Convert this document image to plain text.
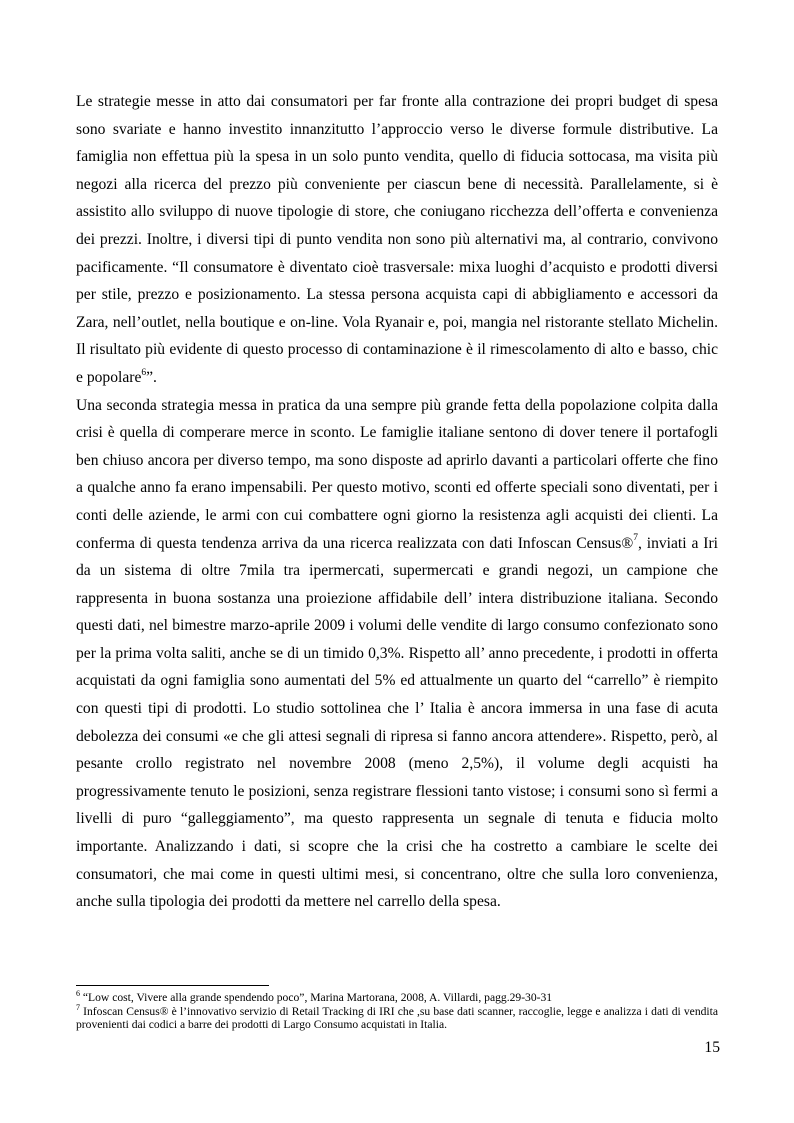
Le strategie messe in atto dai consumatori per far fronte alla contrazione dei propri budget di spesa sono svariate e hanno investito innanzitutto l’approccio verso le diverse formule distributive. La famiglia non effettua più la spesa in un solo punto vendita, quello di fiducia sottocasa, ma visita più negozi alla ricerca del prezzo più conveniente per ciascun bene di necessità. Parallelamente, si è assistito allo sviluppo di nuove tipologie di store, che coniugano ricchezza dell’offerta e convenienza dei prezzi. Inoltre, i diversi tipi di punto vendita non sono più alternativi ma, al contrario, convivono pacificamente. “Il consumatore è diventato cioè trasversale: mixa luoghi d’acquisto e prodotti diversi per stile, prezzo e posizionamento. La stessa persona acquista capi di abbigliamento e accessori da Zara, nell’outlet, nella boutique e on-line. Vola Ryanair e, poi, mangia nel ristorante stellato Michelin. Il risultato più evidente di questo processo di contaminazione è il rimescolamento di alto e basso, chic e popolare$^6$”.

Una seconda strategia messa in pratica da una sempre più grande fetta della popolazione colpita dalla crisi è quella di comperare merce in sconto. Le famiglie italiane sentono di dover tenere il portafogli ben chiuso ancora per diverso tempo, ma sono disposte ad aprirlo davanti a particolari offerte che fino a qualche anno fa erano impensabili. Per questo motivo, sconti ed offerte speciali sono diventati, per i conti delle aziende, le armi con cui combattere ogni giorno la resistenza agli acquisti dei clienti. La conferma di questa tendenza arriva da una ricerca realizzata con dati Infoscan Census®$^7$, inviati a Iri da un sistema di oltre 7mila tra ipermercati, supermercati e grandi negozi, un campione che rappresenta in buona sostanza una proiezione affidabile dell’ intera distribuzione italiana. Secondo questi dati, nel bimestre marzo-aprile 2009 i volumi delle vendite di largo consumo confezionato sono per la prima volta saliti, anche se di un timido 0,3%. Rispetto all’ anno precedente, i prodotti in offerta acquistati da ogni famiglia sono aumentati del 5% ed attualmente un quarto del “carrello” è riempito con questi tipi di prodotti. Lo studio sottolinea che l’ Italia è ancora immersa in una fase di acuta debolezza dei consumi «e che gli attesi segnali di ripresa si fanno ancora attendere». Rispetto, però, al pesante crollo registrato nel novembre 2008 (meno 2,5%), il volume degli acquisti ha progressivamente tenuto le posizioni, senza registrare flessioni tanto vistose; i consumi sono sì fermi a livelli di puro “galleggiamento”, ma questo rappresenta un segnale di tenuta e fiducia molto importante. Analizzando i dati, si scopre che la crisi che ha costretto a cambiare le scelte dei consumatori, che mai come in questi ultimi mesi, si concentrano, oltre che sulla loro convenienza, anche sulla tipologia dei prodotti da mettere nel carrello della spesa.

$^6$ “Low cost, Vivere alla grande spendendo poco”, Marina Martorana, 2008, A. Villardi, pagg.29-30-31

$^7$ Infoscan Census® è l’innovativo servizio di Retail Tracking di IRI che ,su base dati scanner, raccoglie, legge e analizza i dati di vendita provenienti dai codici a barre dei prodotti di Largo Consumo acquistati in Italia.

15
